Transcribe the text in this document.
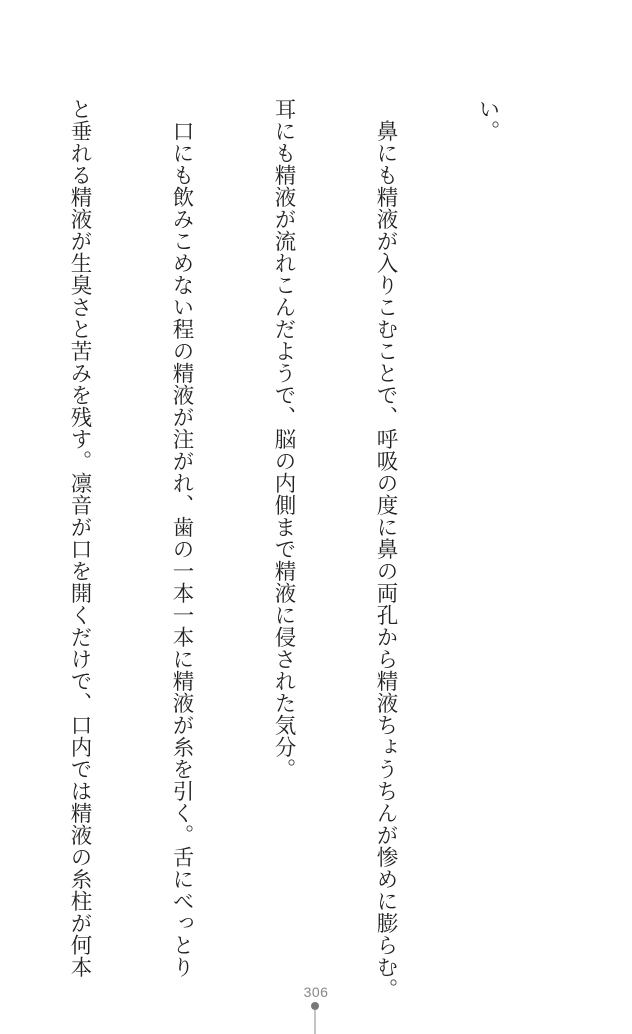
い。

　鼻にも精液が入りこむことで、呼吸の度に鼻の両孔から精液ちょうちんが惨めに膨らむ。

耳にも精液が流れこんだようで、脳の内側まで精液に侵された気分。

　口にも飲みこめない程の精液が注がれ、歯の一本一本に精液が糸を引く。舌にべっとり

と垂れる精液が生臭さと苦みを残す。凛音が口を開くだけで、口内では精液の糸柱が何本

306
